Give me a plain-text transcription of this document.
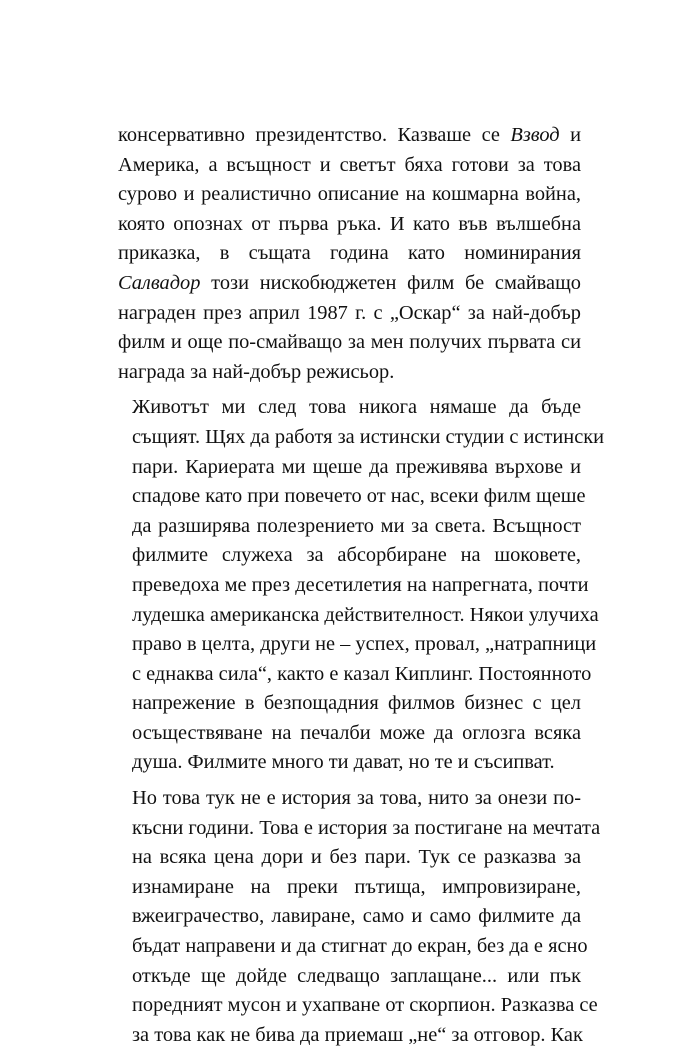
консервативно президентство. Казваше се Взвод и
Америка, а всъщност и светът бяха готови за това
сурово и реалистично описание на кошмарна война,
която опознах от първа ръка. И като във вълшебна
приказка, в същата година като номинирания
Салвадор този нискобюджетен филм бе смайващо
награден през април 1987 г. с „Оскар“ за най-добър
филм и още по-смайващо за мен получих първата си
награда за най-добър режисьор.
Животът ми след това никога нямаше да бъде
същият. Щях да работя за истински студии с истински
пари. Кариерата ми щеше да преживява върхове и
спадове като при повечето от нас, всеки филм щеше
да разширява полезрението ми за света. Всъщност
филмите служеха за абсорбиране на шоковете,
преведоха ме през десетилетия на напрегната, почти
лудешка американска действителност. Някои улучиха
право в целта, други не – успех, провал, „натрапници
с еднаква сила“, както е казал Киплинг. Постоянното
напрежение в безпощадния филмов бизнес с цел
осъществяване на печалби може да оглозга всяка
душа. Филмите много ти дават, но те и съсипват.
Но това тук не е история за това, нито за онези по-
късни години. Това е история за постигане на мечтата
на всяка цена дори и без пари. Тук се разказва за
изнамиране на преки пътища, импровизиране,
вжеиграчество, лавиране, само и само филмите да
бъдат направени и да стигнат до екран, без да е ясно
откъде ще дойде следващо заплащане... или пък
поредният мусон и ухапване от скорпион. Разказва се
за това как не бива да приемаш „не“ за отговор. Как
